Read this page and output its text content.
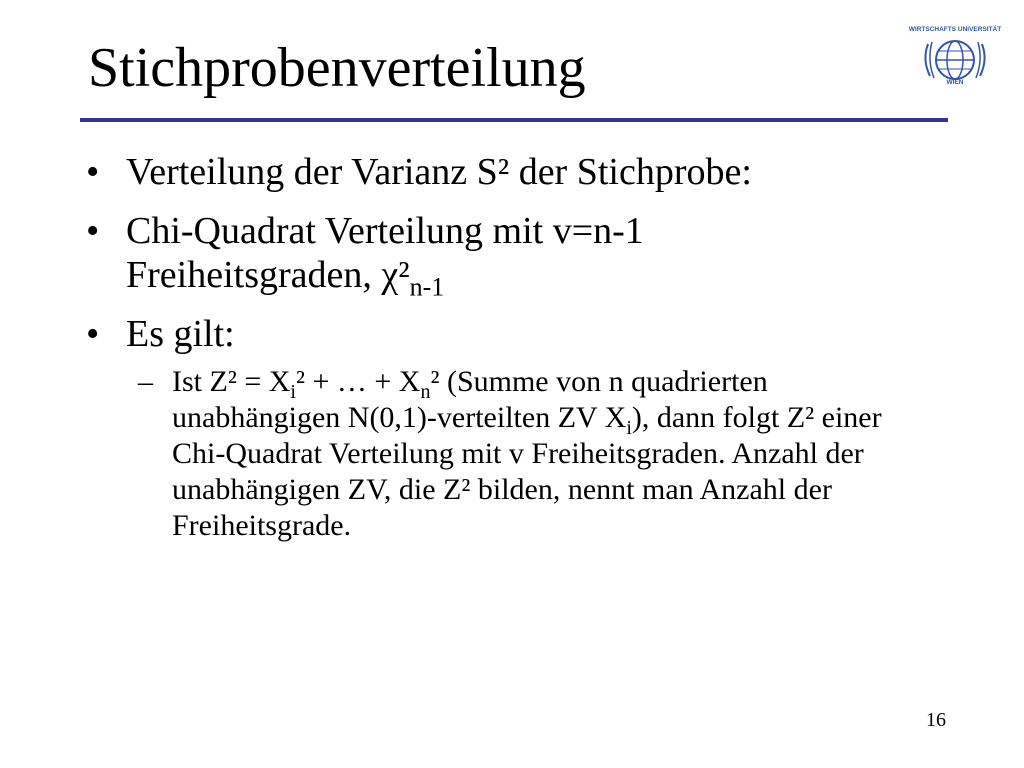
Stichprobenverteilung
WIRTSCHAFTS UNIVERSITÄT
WIEN
• Verteilung der Varianz S² der Stichprobe:
• Chi-Quadrat Verteilung mit v=n-1
Freiheitsgraden, $\chi^2_{n-1}$
• Es gilt:
– Ist $Z^2 = X_i^2$ + … + $X_n^2$ (Summe von n quadrierten unabhängigen N(0,1)-verteilten ZV $X_i$), dann folgt Z² einer Chi-Quadrat Verteilung mit v Freiheitsgraden. Anzahl der unabhängigen ZV, die Z² bilden, nennt man Anzahl der Freiheitsgrade.
16
